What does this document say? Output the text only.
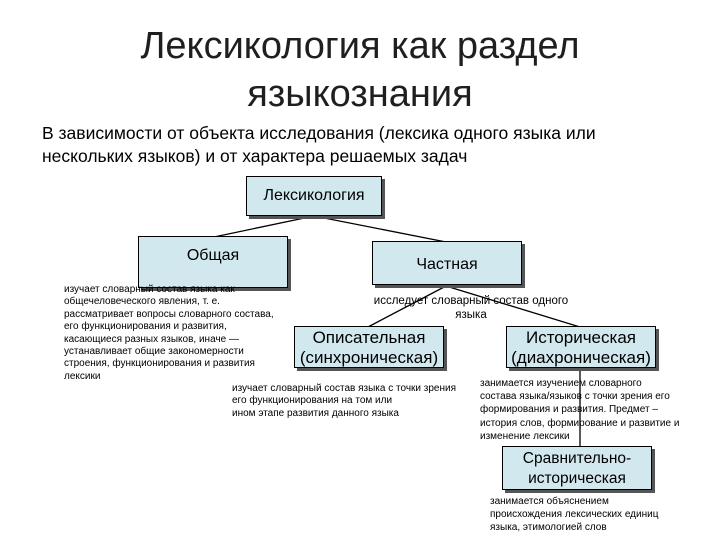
Лексикология как раздел
языкознания
В зависимости от объекта исследования (лексика одного языка или
нескольких языков) и от характера решаемых задач
Лексикология
Общая
Частная
изучает словарный состав языка как
общечеловеческого явления, т. е.
рассматривает вопросы словарного состава,
его функционирования и развития,
касающиеся разных языков, иначе —
устанавливает общие закономерности
строения, функционирования и развития
лексики
исследует словарный состав одного
языка
Описательная
(синхроническая)
Историческая
(диахроническая)
изучает словарный состав языка с точки зрения
его функционирования на том или
ином этапе развития данного языка
занимается изучением словарного
состава языка/языков с точки зрения его
формирования и развития. Предмет –
история слов, формирование и развитие и
изменение лексики
Сравнительно-
историческая
занимается объяснением
происхождения лексических единиц
языка, этимологией слов
